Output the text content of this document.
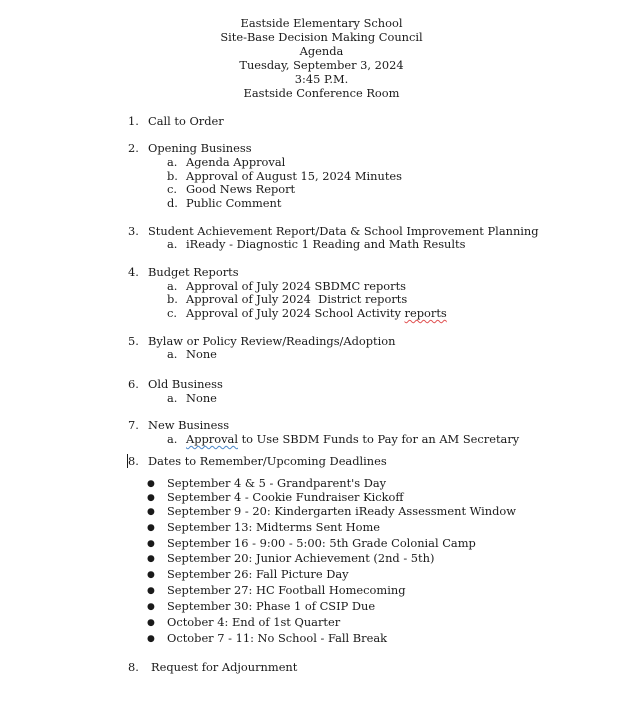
Eastside Elementary School
Site-Base Decision Making Council
Agenda
Tuesday, September 3, 2024
3:45 P.M.
Eastside Conference Room
1. Call to Order
2. Opening Business
a. Agenda Approval
b. Approval of August 15, 2024 Minutes
c. Good News Report
d. Public Comment
3. Student Achievement Report/Data & School Improvement Planning
a. iReady - Diagnostic 1 Reading and Math Results
4. Budget Reports
a. Approval of July 2024 SBDMC reports
b. Approval of July 2024  District reports
c. Approval of July 2024 School Activity reports
5. Bylaw or Policy Review/Readings/Adoption
a. None
6. Old Business
a. None
7. New Business
a. Approval to Use SBDM Funds to Pay for an AM Secretary
8. Dates to Remember/Upcoming Deadlines
● September 4 & 5 - Grandparent's Day
● September 4 - Cookie Fundraiser Kickoff
● September 9 - 20: Kindergarten iReady Assessment Window
● September 13: Midterms Sent Home
● September 16 - 9:00 - 5:00: 5th Grade Colonial Camp
● September 20: Junior Achievement (2nd - 5th)
● September 26: Fall Picture Day
● September 27: HC Football Homecoming
● September 30: Phase 1 of CSIP Due
● October 4: End of 1st Quarter
● October 7 - 11: No School - Fall Break
8. Request for Adjournment
